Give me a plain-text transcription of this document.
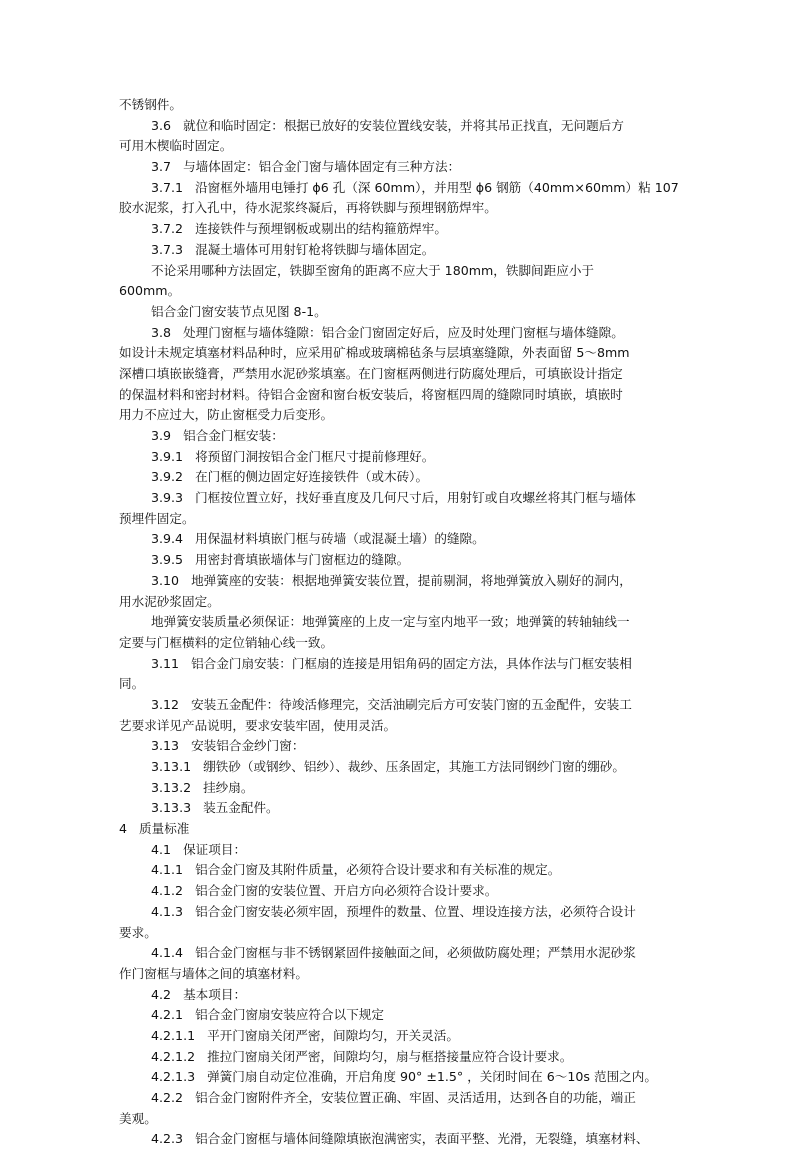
不锈钢件。
3.6   就位和临时固定：根据已放好的安装位置线安装，并将其吊正找直，无问题后方
可用木楔临时固定。
3.7   与墙体固定：铝合金门窗与墙体固定有三种方法：
3.7.1   沿窗框外墙用电锤打 ϕ6 孔（深 60mm），并用型 ϕ6 钢筋（40mm×60mm）粘 107
胶水泥浆，打入孔中，待水泥浆终凝后，再将铁脚与预埋钢筋焊牢。
3.7.2   连接铁件与预埋钢板或剔出的结构箍筋焊牢。
3.7.3   混凝土墙体可用射钉枪将铁脚与墙体固定。
不论采用哪种方法固定，铁脚至窗角的距离不应大于 180mm，铁脚间距应小于
600mm。
铝合金门窗安装节点见图 8-1。
3.8   处理门窗框与墙体缝隙：铝合金门窗固定好后，应及时处理门窗框与墙体缝隙。
如设计未规定填塞材料品种时，应采用矿棉或玻璃棉毡条与层填塞缝隙，外表面留 5～8mm
深槽口填嵌嵌缝膏，严禁用水泥砂浆填塞。在门窗框两侧进行防腐处理后，可填嵌设计指定
的保温材料和密封材料。待铝合金窗和窗台板安装后，将窗框四周的缝隙同时填嵌，填嵌时
用力不应过大，防止窗框受力后变形。
3.9   铝合金门框安装：
3.9.1   将预留门洞按铝合金门框尺寸提前修理好。
3.9.2   在门框的侧边固定好连接铁件（或木砖）。
3.9.3   门框按位置立好，找好垂直度及几何尺寸后，用射钉或自攻螺丝将其门框与墙体
预埋件固定。
3.9.4   用保温材料填嵌门框与砖墙（或混凝土墙）的缝隙。
3.9.5   用密封膏填嵌墙体与门窗框边的缝隙。
3.10   地弹簧座的安装：根据地弹簧安装位置，提前剔洞，将地弹簧放入剔好的洞内，
用水泥砂浆固定。
地弹簧安装质量必须保证：地弹簧座的上皮一定与室内地平一致；地弹簧的转轴轴线一
定要与门框横料的定位销轴心线一致。
3.11   铝合金门扇安装：门框扇的连接是用铝角码的固定方法，具体作法与门框安装相
同。
3.12   安装五金配件：待竣活修理完，交活油刷完后方可安装门窗的五金配件，安装工
艺要求详见产品说明，要求安装牢固，使用灵活。
3.13   安装铝合金纱门窗：
3.13.1   绷铁砂（或钢纱、铝纱）、裁纱、压条固定，其施工方法同钢纱门窗的绷砂。
3.13.2   挂纱扇。
3.13.3   装五金配件。
4   质量标准
4.1   保证项目：
4.1.1   铝合金门窗及其附件质量，必须符合设计要求和有关标准的规定。
4.1.2   铝合金门窗的安装位置、开启方向必须符合设计要求。
4.1.3   铝合金门窗安装必须牢固，预埋件的数量、位置、埋设连接方法，必须符合设计
要求。
4.1.4   铝合金门窗框与非不锈钢紧固件接触面之间，必须做防腐处理；严禁用水泥砂浆
作门窗框与墙体之间的填塞材料。
4.2   基本项目：
4.2.1   铝合金门窗扇安装应符合以下规定
4.2.1.1   平开门窗扇关闭严密，间隙均匀，开关灵活。
4.2.1.2   推拉门窗扇关闭严密，间隙均匀，扇与框搭接量应符合设计要求。
4.2.1.3   弹簧门扇自动定位准确，开启角度 90° ±1.5° ，关闭时间在 6～10s 范围之内。
4.2.2   铝合金门窗附件齐全，安装位置正确、牢固、灵活适用，达到各自的功能，端正
美观。
4.2.3   铝合金门窗框与墙体间缝隙填嵌泡满密实，表面平整、光滑，无裂缝，填塞材料、
